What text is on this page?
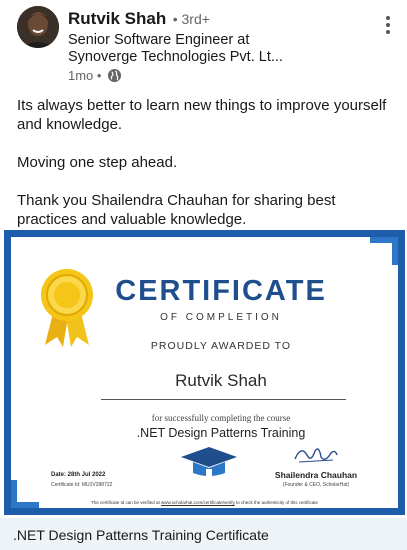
Rutvik Shah • 3rd+
Senior Software Engineer at
Synoverge Technologies Pvt. Lt...
1mo •

Its always better to learn new things to improve yourself and knowledge.

Moving one step ahead.

Thank you Shailendra Chauhan for sharing best practices and valuable knowledge.

CERTIFICATE
OF COMPLETION
PROUDLY AWARDED TO
Rutvik Shah
for successfully completing the course
.NET Design Patterns Training
Date: 28th Jul 2022
Certificate Id: MU1V288722
Shailendra Chauhan
(Founder & CEO, ScholarHat)
The certificate Id can be verified at www.scholarhat.com/certificate/verify to check the authenticity of this certificate
.NET Design Patterns Training Certificate
